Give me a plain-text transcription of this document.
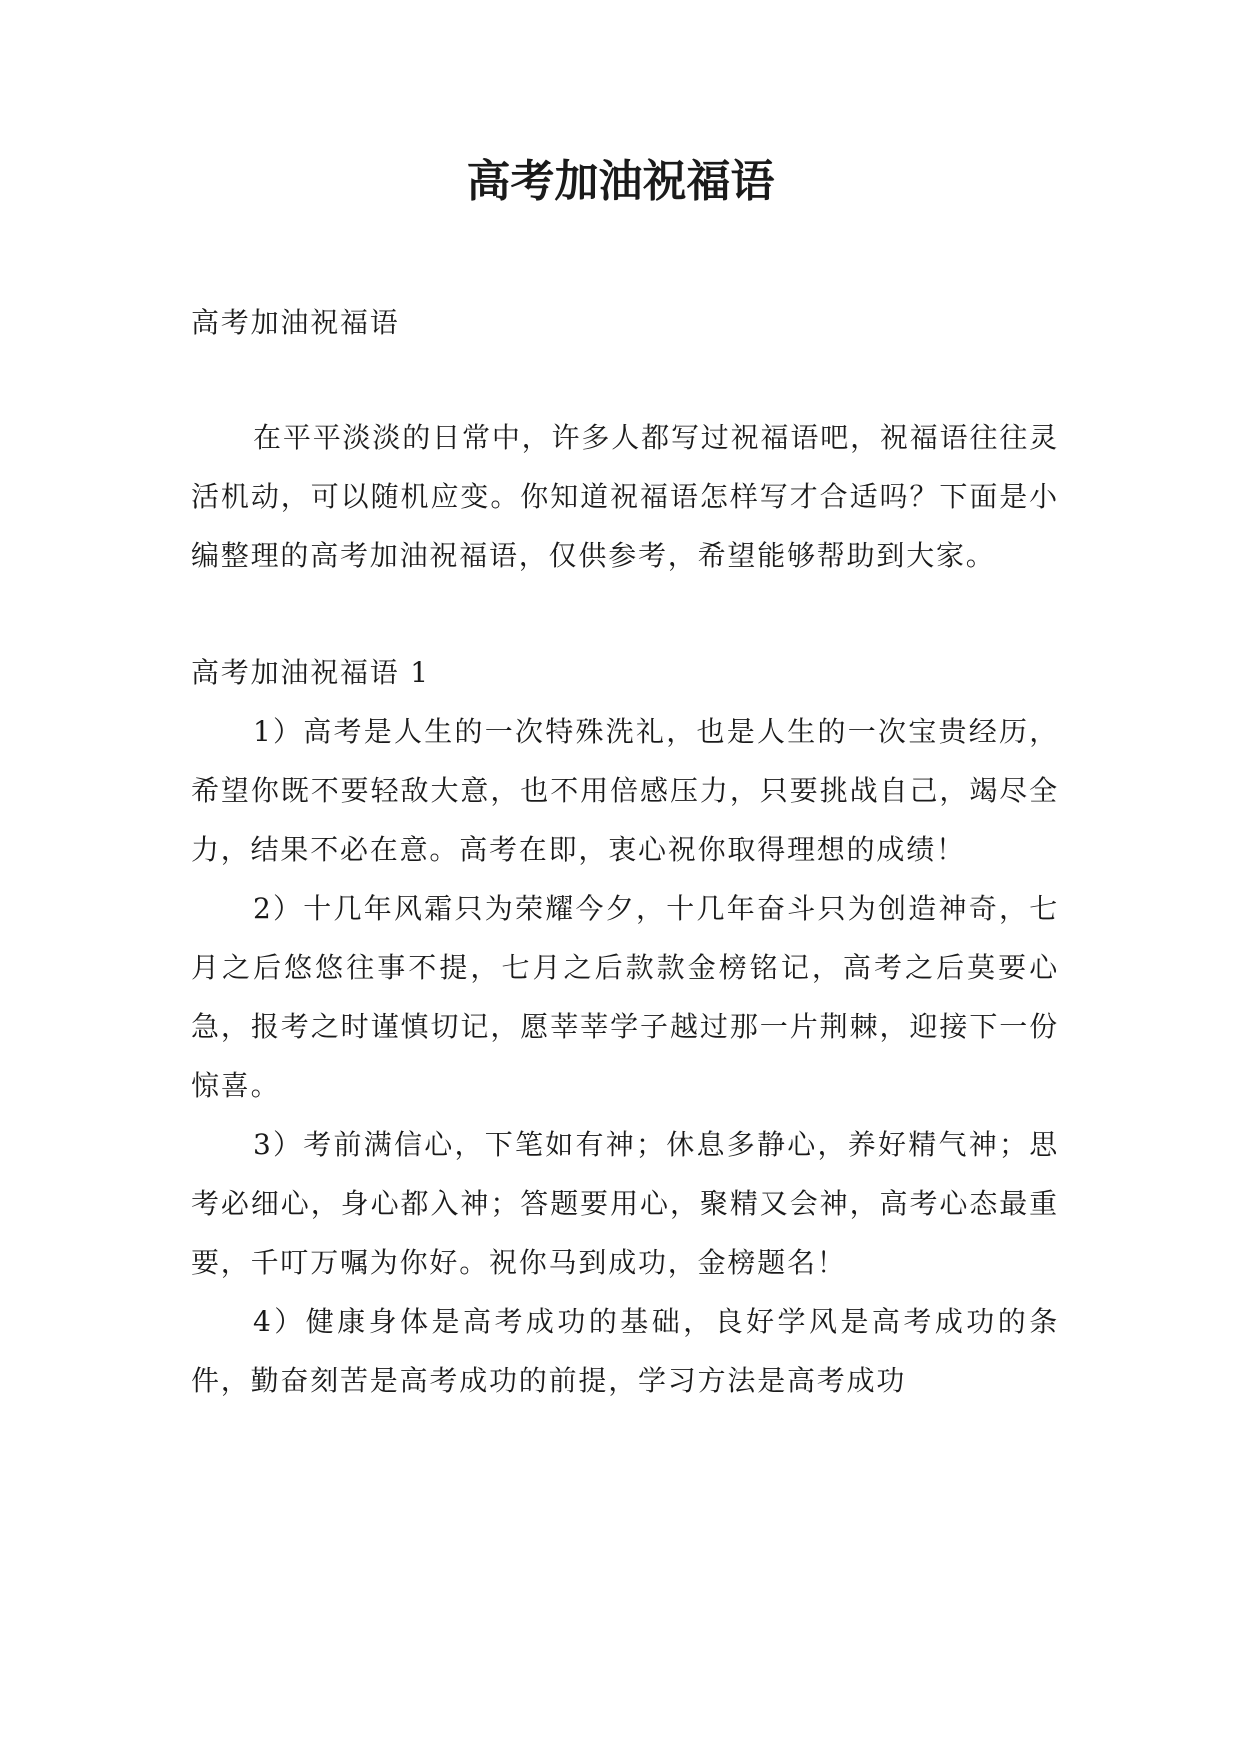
高考加油祝福语

高考加油祝福语

在平平淡淡的日常中，许多人都写过祝福语吧，祝福语往往灵活机动，可以随机应变。你知道祝福语怎样写才合适吗？下面是小编整理的高考加油祝福语，仅供参考，希望能够帮助到大家。

高考加油祝福语 1

1）高考是人生的一次特殊洗礼，也是人生的一次宝贵经历，希望你既不要轻敌大意，也不用倍感压力，只要挑战自己，竭尽全力，结果不必在意。高考在即，衷心祝你取得理想的成绩！

2）十几年风霜只为荣耀今夕，十几年奋斗只为创造神奇，七月之后悠悠往事不提，七月之后款款金榜铭记，高考之后莫要心急，报考之时谨慎切记，愿莘莘学子越过那一片荆棘，迎接下一份惊喜。

3）考前满信心，下笔如有神；休息多静心，养好精气神；思考必细心，身心都入神；答题要用心，聚精又会神，高考心态最重要，千叮万嘱为你好。祝你马到成功，金榜题名！

4）健康身体是高考成功的基础，良好学风是高考成功的条件，勤奋刻苦是高考成功的前提，学习方法是高考成功
